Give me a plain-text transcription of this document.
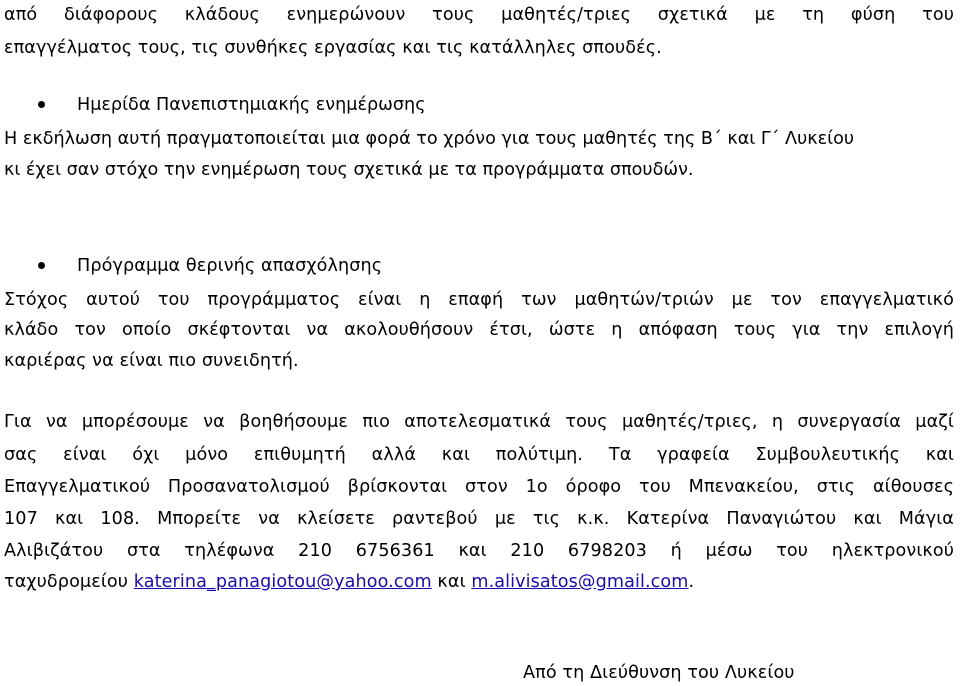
από διάφορους κλάδους ενημερώνουν τους μαθητές/τριες σχετικά με τη φύση του
επαγγέλματος τους, τις συνθήκες εργασίας και τις κατάλληλες σπουδές.
Ημερίδα Πανεπιστημιακής ενημέρωσης
Η εκδήλωση αυτή πραγματοποιείται μια φορά το χρόνο για τους μαθητές της Β΄ και Γ΄ Λυκείου
κι έχει σαν στόχο την ενημέρωση τους σχετικά με τα προγράμματα σπουδών.
Πρόγραμμα θερινής απασχόλησης
Στόχος αυτού του προγράμματος είναι η επαφή των μαθητών/τριών με τον επαγγελματικό
κλάδο τον οποίο σκέφτονται να ακολουθήσουν έτσι, ώστε η απόφαση τους για την επιλογή
καριέρας να είναι πιο συνειδητή.
Για να μπορέσουμε να βοηθήσουμε πιο αποτελεσματικά τους μαθητές/τριες, η συνεργασία μαζί
σας είναι όχι μόνο επιθυμητή αλλά και πολύτιμη. Τα γραφεία Συμβουλευτικής και
Επαγγελματικού Προσανατολισμού βρίσκονται στον 1ο όροφο του Μπενακείου, στις αίθουσες
107 και 108. Μπορείτε να κλείσετε ραντεβού με τις κ.κ. Κατερίνα Παναγιώτου και Μάγια
Αλιβιζάτου στα τηλέφωνα 210 6756361 και 210 6798203 ή μέσω του ηλεκτρονικού
ταχυδρομείου katerina_panagiotou@yahoo.com και m.alivisatos@gmail.com.
Από τη Διεύθυνση του Λυκείου
